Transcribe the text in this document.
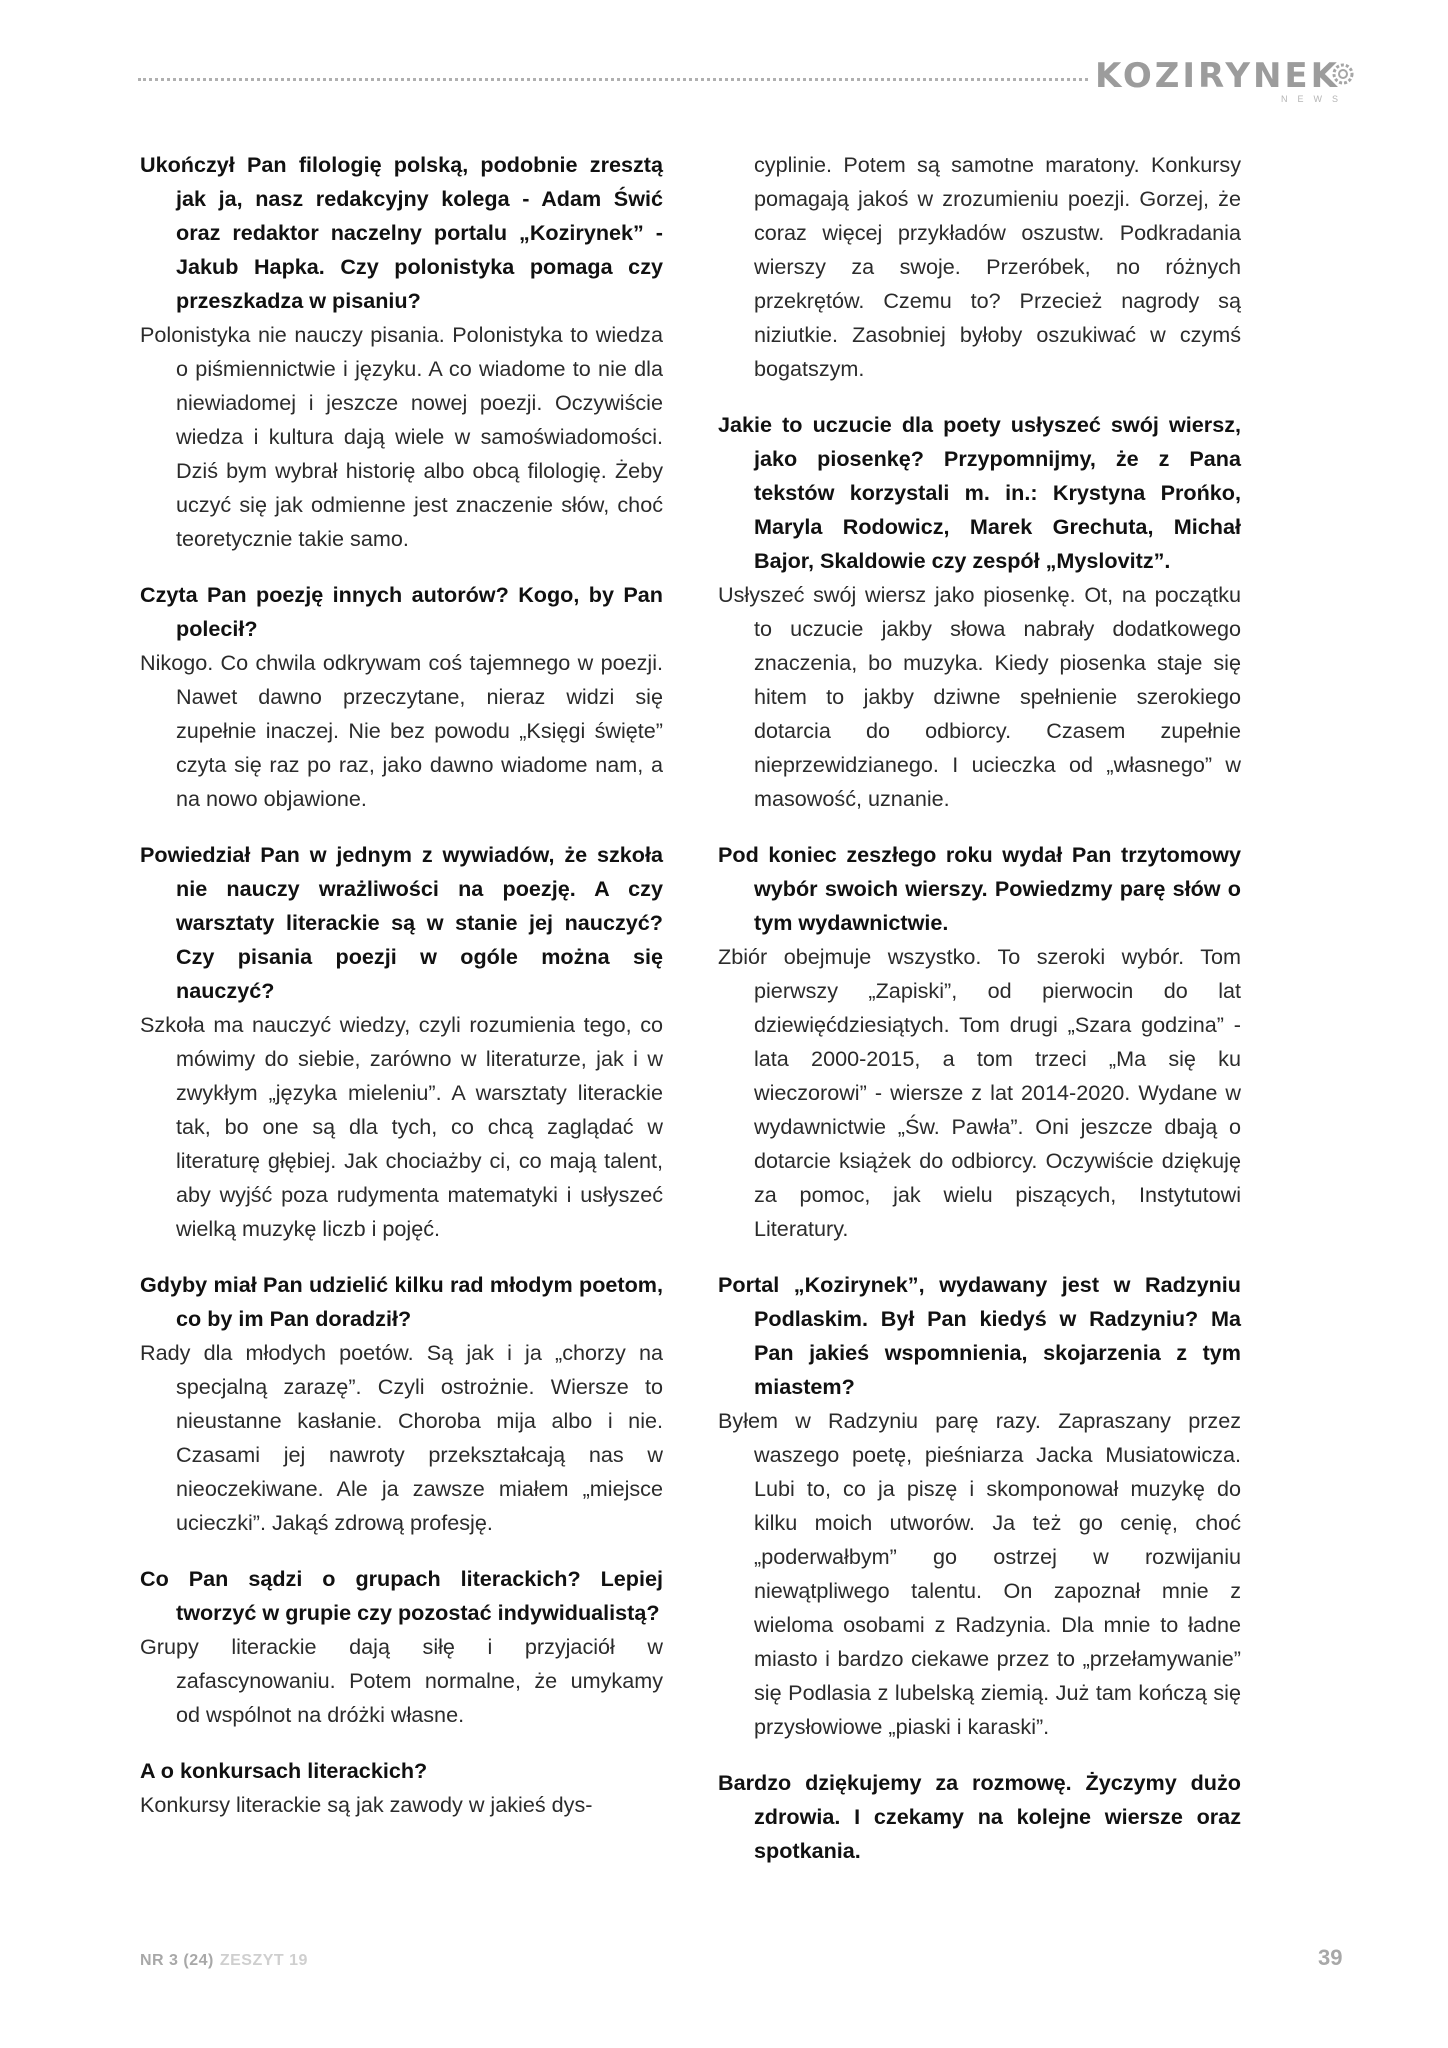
KOZIRYNEK
NEWS

Ukończył Pan filologię polską, podobnie zresztą jak ja, nasz redakcyjny kolega - Adam Świć oraz redaktor naczelny portalu „Kozirynek” - Jakub Hapka. Czy polonistyka pomaga czy przeszkadza w pisaniu?

Polonistyka nie nauczy pisania. Polonistyka to wiedza o piśmiennictwie i języku. A co wiadome to nie dla niewiadomej i jeszcze nowej poezji. Oczywiście wiedza i kultura dają wiele w samoświadomości. Dziś bym wybrał historię albo obcą filologię. Żeby uczyć się jak odmienne jest znaczenie słów, choć teoretycznie takie samo.

Czyta Pan poezję innych autorów? Kogo, by Pan polecił?

Nikogo. Co chwila odkrywam coś tajemnego w poezji. Nawet dawno przeczytane, nieraz widzi się zupełnie inaczej. Nie bez powodu „Księgi święte” czyta się raz po raz, jako dawno wiadome nam, a na nowo objawione.

Powiedział Pan w jednym z wywiadów, że szkoła nie nauczy wrażliwości na poezję. A czy warsztaty literackie są w stanie jej nauczyć? Czy pisania poezji w ogóle można się nauczyć?

Szkoła ma nauczyć wiedzy, czyli rozumienia tego, co mówimy do siebie, zarówno w literaturze, jak i w zwykłym „języka mieleniu”. A warsztaty literackie tak, bo one są dla tych, co chcą zaglądać w literaturę głębiej. Jak chociażby ci, co mają talent, aby wyjść poza rudymenta matematyki i usłyszeć wielką muzykę liczb i pojęć.

Gdyby miał Pan udzielić kilku rad młodym poetom, co by im Pan doradził?

Rady dla młodych poetów. Są jak i ja „chorzy na specjalną zarazę”. Czyli ostrożnie. Wiersze to nieustanne kasłanie. Choroba mija albo i nie. Czasami jej nawroty przekształcają nas w nieoczekiwane. Ale ja zawsze miałem „miejsce ucieczki”. Jakąś zdrową profesję.

Co Pan sądzi o grupach literackich? Lepiej tworzyć w grupie czy pozostać indywidualistą?

Grupy literackie dają siłę i przyjaciół w zafascynowaniu. Potem normalne, że umykamy od wspólnot na dróżki własne.

A o konkursach literackich?

Konkursy literackie są jak zawody w jakieś dys-

cyplinie. Potem są samotne maratony. Konkursy pomagają jakoś w zrozumieniu poezji. Gorzej, że coraz więcej przykładów oszustw. Podkradania wierszy za swoje. Przeróbek, no różnych przekrętów. Czemu to? Przecież nagrody są niziutkie. Zasobniej byłoby oszukiwać w czymś bogatszym.

Jakie to uczucie dla poety usłyszeć swój wiersz, jako piosenkę? Przypomnijmy, że z Pana tekstów korzystali m. in.: Krystyna Prońko, Maryla Rodowicz, Marek Grechuta, Michał Bajor, Skaldowie czy zespół „Myslovitz”.

Usłyszeć swój wiersz jako piosenkę. Ot, na początku to uczucie jakby słowa nabrały dodatkowego znaczenia, bo muzyka. Kiedy piosenka staje się hitem to jakby dziwne spełnienie szerokiego dotarcia do odbiorcy. Czasem zupełnie nieprzewidzianego. I ucieczka od „własnego” w masowość, uznanie.

Pod koniec zeszłego roku wydał Pan trzytomowy wybór swoich wierszy. Powiedzmy parę słów o tym wydawnictwie.

Zbiór obejmuje wszystko. To szeroki wybór. Tom pierwszy „Zapiski”, od pierwocin do lat dziewięćdziesiątych. Tom drugi „Szara godzina” - lata 2000-2015, a tom trzeci „Ma się ku wieczorowi” - wiersze z lat 2014-2020. Wydane w wydawnictwie „Św. Pawła”. Oni jeszcze dbają o dotarcie książek do odbiorcy. Oczywiście dziękuję za pomoc, jak wielu piszących, Instytutowi Literatury.

Portal „Kozirynek”, wydawany jest w Radzyniu Podlaskim. Był Pan kiedyś w Radzyniu? Ma Pan jakieś wspomnienia, skojarzenia z tym miastem?

Byłem w Radzyniu parę razy. Zapraszany przez waszego poetę, pieśniarza Jacka Musiatowicza. Lubi to, co ja piszę i skomponował muzykę do kilku moich utworów. Ja też go cenię, choć „poderwałbym” go ostrzej w rozwijaniu niewątpliwego talentu. On zapoznał mnie z wieloma osobami z Radzynia. Dla mnie to ładne miasto i bardzo ciekawe przez to „przełamywanie” się Podlasia z lubelską ziemią. Już tam kończą się przysłowiowe „piaski i karaski”.

Bardzo dziękujemy za rozmowę. Życzymy dużo zdrowia. I czekamy na kolejne wiersze oraz spotkania.

NR 3 (24) ZESZYT 19	39
